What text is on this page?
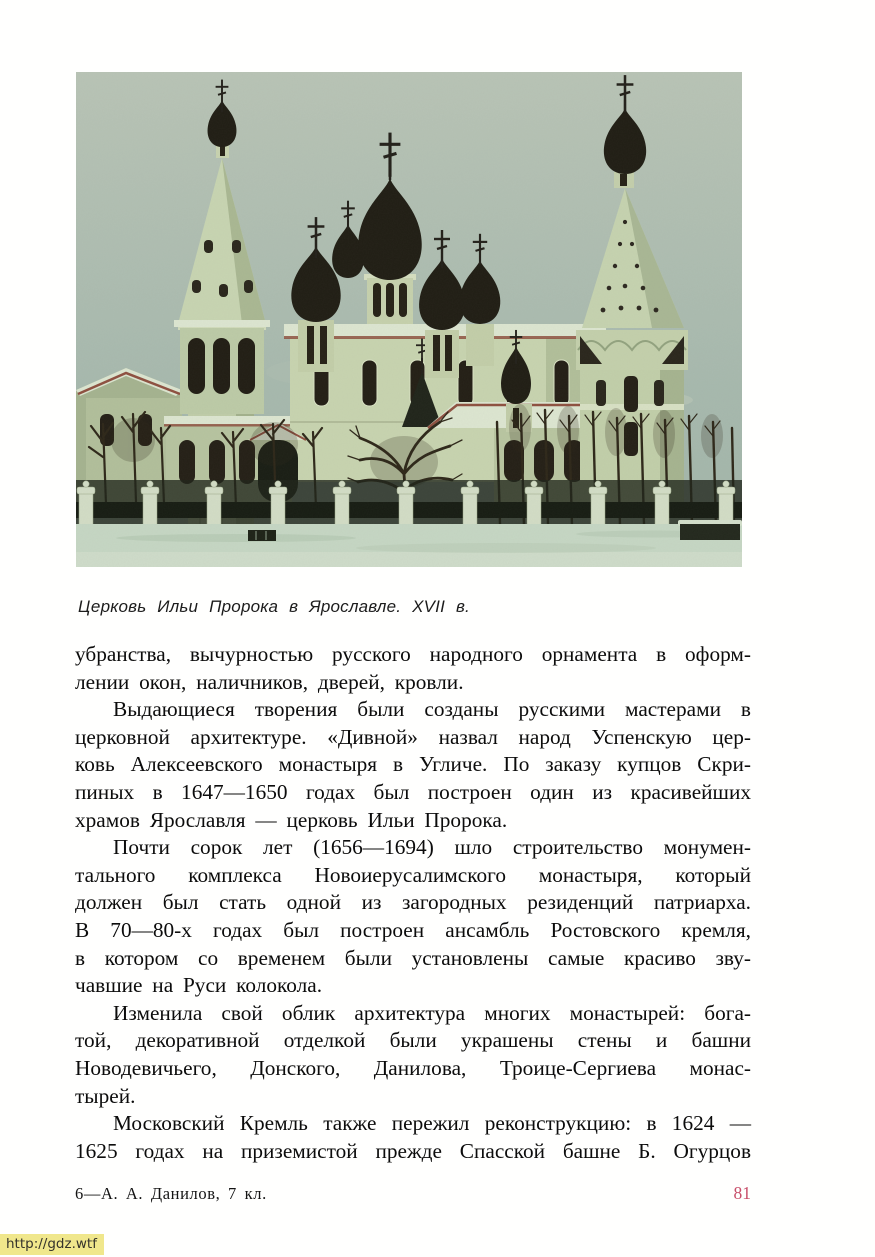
Церковь Ильи Пророка в Ярославле. XVII в.
убранства, вычурностью русского народного орнамента в оформ-
лении окон, наличников, дверей, кровли.
Выдающиеся творения были созданы русскими мастерами в
церковной архитектуре. «Дивной» назвал народ Успенскую цер-
ковь Алексеевского монастыря в Угличе. По заказу купцов Скри-
пиных в 1647—1650 годах был построен один из красивейших
храмов Ярославля — церковь Ильи Пророка.
Почти сорок лет (1656—1694) шло строительство монумен-
тального комплекса Новоиерусалимского монастыря, который
должен был стать одной из загородных резиденций патриарха.
В 70—80-х годах был построен ансамбль Ростовского кремля,
в котором со временем были установлены самые красиво зву-
чавшие на Руси колокола.
Изменила свой облик архитектура многих монастырей: бога-
той, декоративной отделкой были украшены стены и башни
Новодевичьего, Донского, Данилова, Троице-Сергиева монас-
тырей.
Московский Кремль также пережил реконструкцию: в 1624 —
1625 годах на приземистой прежде Спасской башне Б. Огурцов
6—А. А. Данилов, 7 кл.	81
http://gdz.wtf
